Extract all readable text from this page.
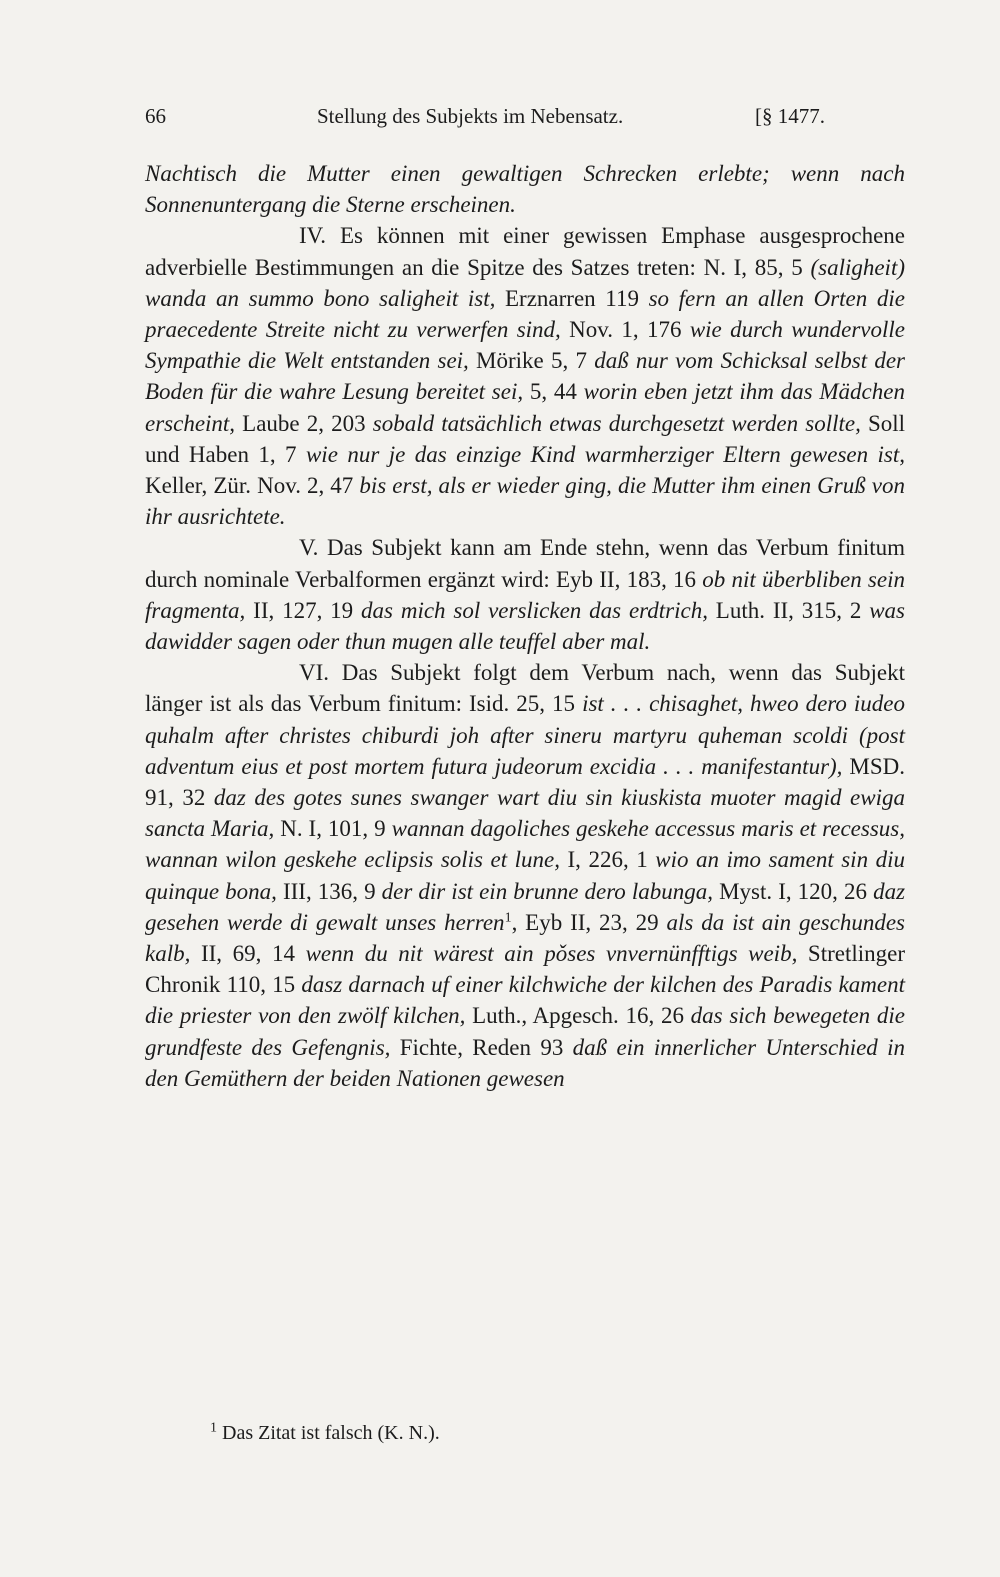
66	Stellung des Subjekts im Nebensatz.	[§ 1477.

Nachtisch die Mutter einen gewaltigen Schrecken erlebte; wenn nach Sonnenuntergang die Sterne erscheinen.

IV. Es können mit einer gewissen Emphase ausgesprochene adverbielle Bestimmungen an die Spitze des Satzes treten: N. I, 85, 5 (saligheit) wanda an summo bono saligheit ist, Erznarren 119 so fern an allen Orten die praecedente Streite nicht zu verwerfen sind, Nov. 1, 176 wie durch wundervolle Sympathie die Welt entstanden sei, Mörike 5, 7 daß nur vom Schicksal selbst der Boden für die wahre Lesung bereitet sei, 5, 44 worin eben jetzt ihm das Mädchen erscheint, Laube 2, 203 sobald tatsächlich etwas durchgesetzt werden sollte, Soll und Haben 1, 7 wie nur je das einzige Kind warmherziger Eltern gewesen ist, Keller, Zür. Nov. 2, 47 bis erst, als er wieder ging, die Mutter ihm einen Gruß von ihr ausrichtete.

V. Das Subjekt kann am Ende stehn, wenn das Verbum finitum durch nominale Verbalformen ergänzt wird: Eyb II, 183, 16 ob nit überbliben sein fragmenta, II, 127, 19 das mich sol verslicken das erdtrich, Luth. II, 315, 2 was dawidder sagen oder thun mugen alle teuffel aber mal.

VI. Das Subjekt folgt dem Verbum nach, wenn das Subjekt länger ist als das Verbum finitum: Isid. 25, 15 ist . . . chisaghet, hweo dero iudeo quhalm after christes chiburdi joh after sineru martyru quheman scoldi (post adventum eius et post mortem futura judeorum excidia . . . manifestantur), MSD. 91, 32 daz des gotes sunes swanger wart diu sin kiuskista muoter magid ewiga sancta Maria, N. I, 101, 9 wannan dagoliches geskehe accessus maris et recessus, wannan wilon geskehe eclipsis solis et lune, I, 226, 1 wio an imo sament sin diu quinque bona, III, 136, 9 der dir ist ein brunne dero labunga, Myst. I, 120, 26 daz gesehen werde di gewalt unses herren$^1$, Eyb II, 23, 29 als da ist ain geschundes kalb, II, 69, 14 wenn du nit wärest ain pǒses vnvernünfftigs weib, Stretlinger Chronik 110, 15 dasz darnach uf einer kilchwiche der kilchen des Paradis kament die priester von den zwölf kilchen, Luth., Apgesch. 16, 26 das sich bewegeten die grundfeste des Gefengnis, Fichte, Reden 93 daß ein innerlicher Unterschied in den Gemüthern der beiden Nationen gewesen

$^1$ Das Zitat ist falsch (K. N.).
